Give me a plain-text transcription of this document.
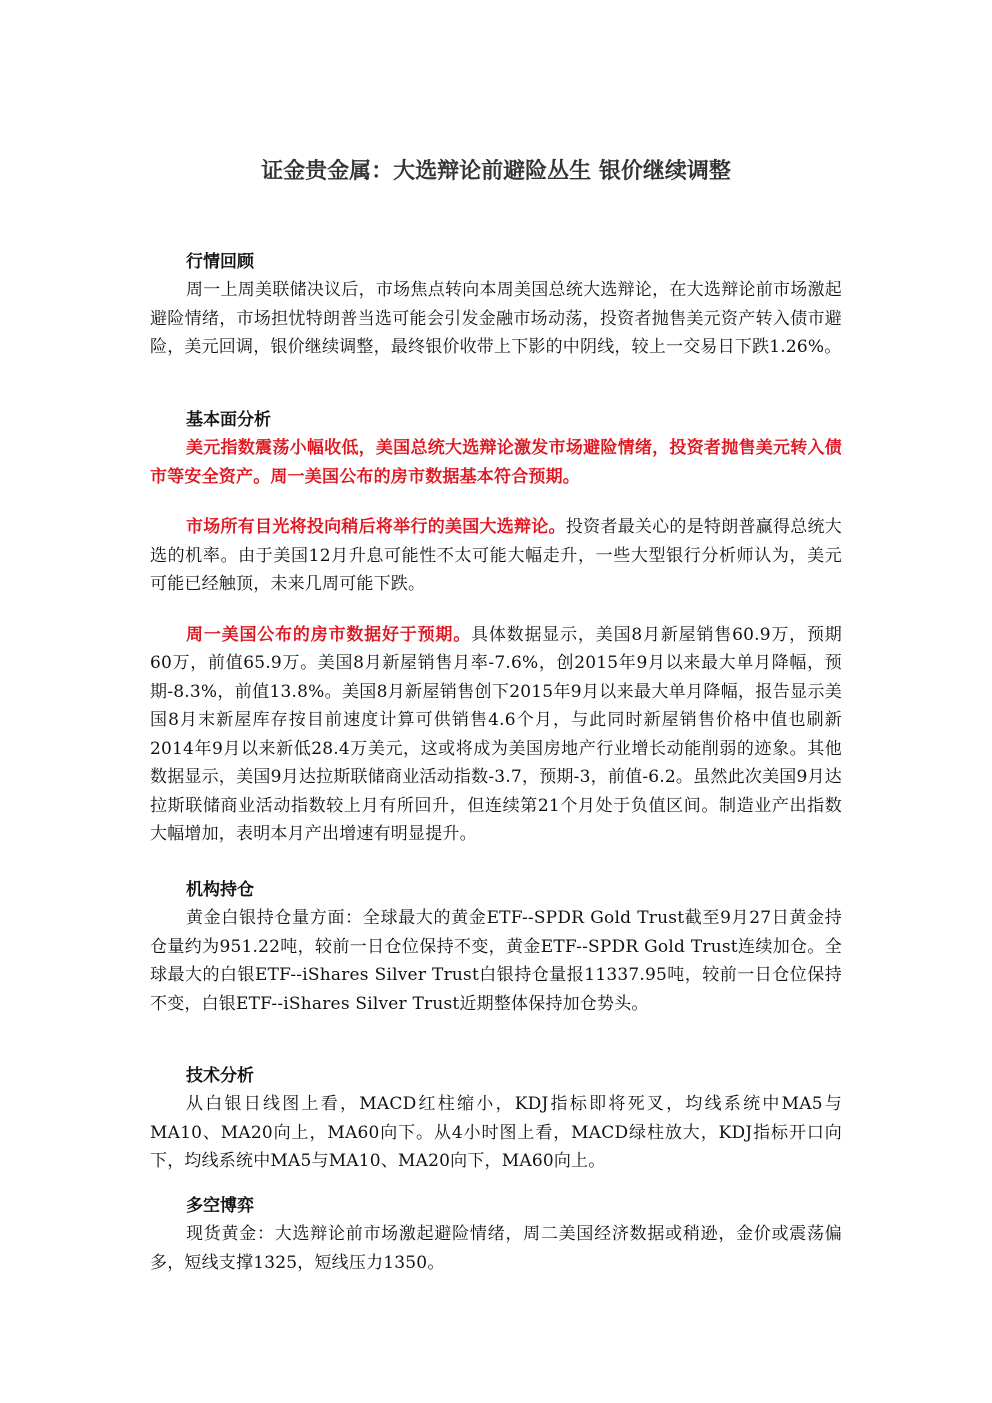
证金贵金属：大选辩论前避险丛生 银价继续调整
行情回顾

周一上周美联储决议后，市场焦点转向本周美国总统大选辩论，在大选辩论前市场激起避险情绪，市场担忧特朗普当选可能会引发金融市场动荡，投资者抛售美元资产转入债市避险，美元回调，银价继续调整，最终银价收带上下影的中阴线，较上一交易日下跌1.26%。

基本面分析

美元指数震荡小幅收低，美国总统大选辩论激发市场避险情绪，投资者抛售美元转入债市等安全资产。周一美国公布的房市数据基本符合预期。

市场所有目光将投向稍后将举行的美国大选辩论。投资者最关心的是特朗普赢得总统大选的机率。由于美国12月升息可能性不太可能大幅走升，一些大型银行分析师认为，美元可能已经触顶，未来几周可能下跌。

周一美国公布的房市数据好于预期。具体数据显示，美国8月新屋销售60.9万，预期60万，前值65.9万。美国8月新屋销售月率-7.6%，创2015年9月以来最大单月降幅，预期-8.3%，前值13.8%。美国8月新屋销售创下2015年9月以来最大单月降幅，报告显示美国8月末新屋库存按目前速度计算可供销售4.6个月，与此同时新屋销售价格中值也刷新2014年9月以来新低28.4万美元，这或将成为美国房地产行业增长动能削弱的迹象。其他数据显示，美国9月达拉斯联储商业活动指数-3.7，预期-3，前值-6.2。虽然此次美国9月达拉斯联储商业活动指数较上月有所回升，但连续第21个月处于负值区间。制造业产出指数大幅增加，表明本月产出增速有明显提升。

机构持仓

黄金白银持仓量方面：全球最大的黄金ETF--SPDR Gold Trust截至9月27日黄金持仓量约为951.22吨，较前一日仓位保持不变，黄金ETF--SPDR Gold Trust连续加仓。全球最大的白银ETF--iShares Silver Trust白银持仓量报11337.95吨，较前一日仓位保持不变，白银ETF--iShares Silver Trust近期整体保持加仓势头。

技术分析

从白银日线图上看，MACD红柱缩小，KDJ指标即将死叉，均线系统中MA5与MA10、MA20向上，MA60向下。从4小时图上看，MACD绿柱放大，KDJ指标开口向下，均线系统中MA5与MA10、MA20向下，MA60向上。

多空博弈

现货黄金：大选辩论前市场激起避险情绪，周二美国经济数据或稍逊，金价或震荡偏多，短线支撑1325，短线压力1350。
